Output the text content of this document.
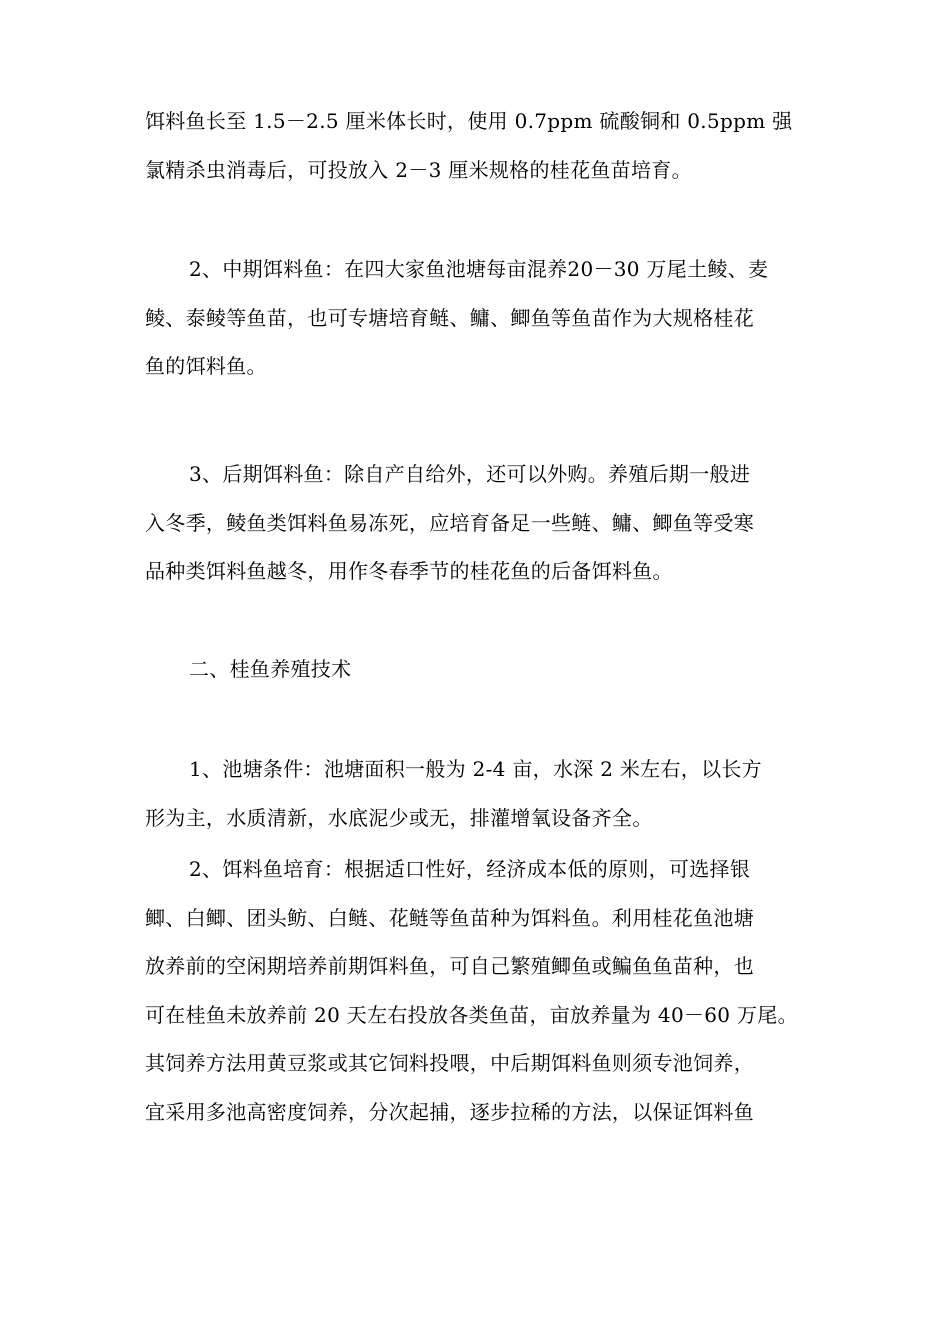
饵料鱼长至 1.5－2.5 厘米体长时，使用 0.7ppm 硫酸铜和 0.5ppm 强
氯精杀虫消毒后，可投放入 2－3 厘米规格的桂花鱼苗培育。
2、中期饵料鱼：在四大家鱼池塘每亩混养20－30 万尾土鲮、麦
鲮、泰鲮等鱼苗，也可专塘培育鲢、鳙、鲫鱼等鱼苗作为大规格桂花
鱼的饵料鱼。
3、后期饵料鱼：除自产自给外，还可以外购。养殖后期一般进
入冬季，鲮鱼类饵料鱼易冻死，应培育备足一些鲢、鳙、鲫鱼等受寒
品种类饵料鱼越冬，用作冬春季节的桂花鱼的后备饵料鱼。
二、桂鱼养殖技术
1、池塘条件：池塘面积一般为 2-4 亩，水深 2 米左右，以长方
形为主，水质清新，水底泥少或无，排灌增氧设备齐全。
2、饵料鱼培育：根据适口性好，经济成本低的原则，可选择银
鲫、白鲫、团头鲂、白鲢、花鲢等鱼苗种为饵料鱼。利用桂花鱼池塘
放养前的空闲期培养前期饵料鱼，可自己繁殖鲫鱼或鳊鱼鱼苗种，也
可在桂鱼未放养前 20 天左右投放各类鱼苗，亩放养量为 40－60 万尾。
其饲养方法用黄豆浆或其它饲料投喂，中后期饵料鱼则须专池饲养，
宜采用多池高密度饲养，分次起捕，逐步拉稀的方法，以保证饵料鱼
